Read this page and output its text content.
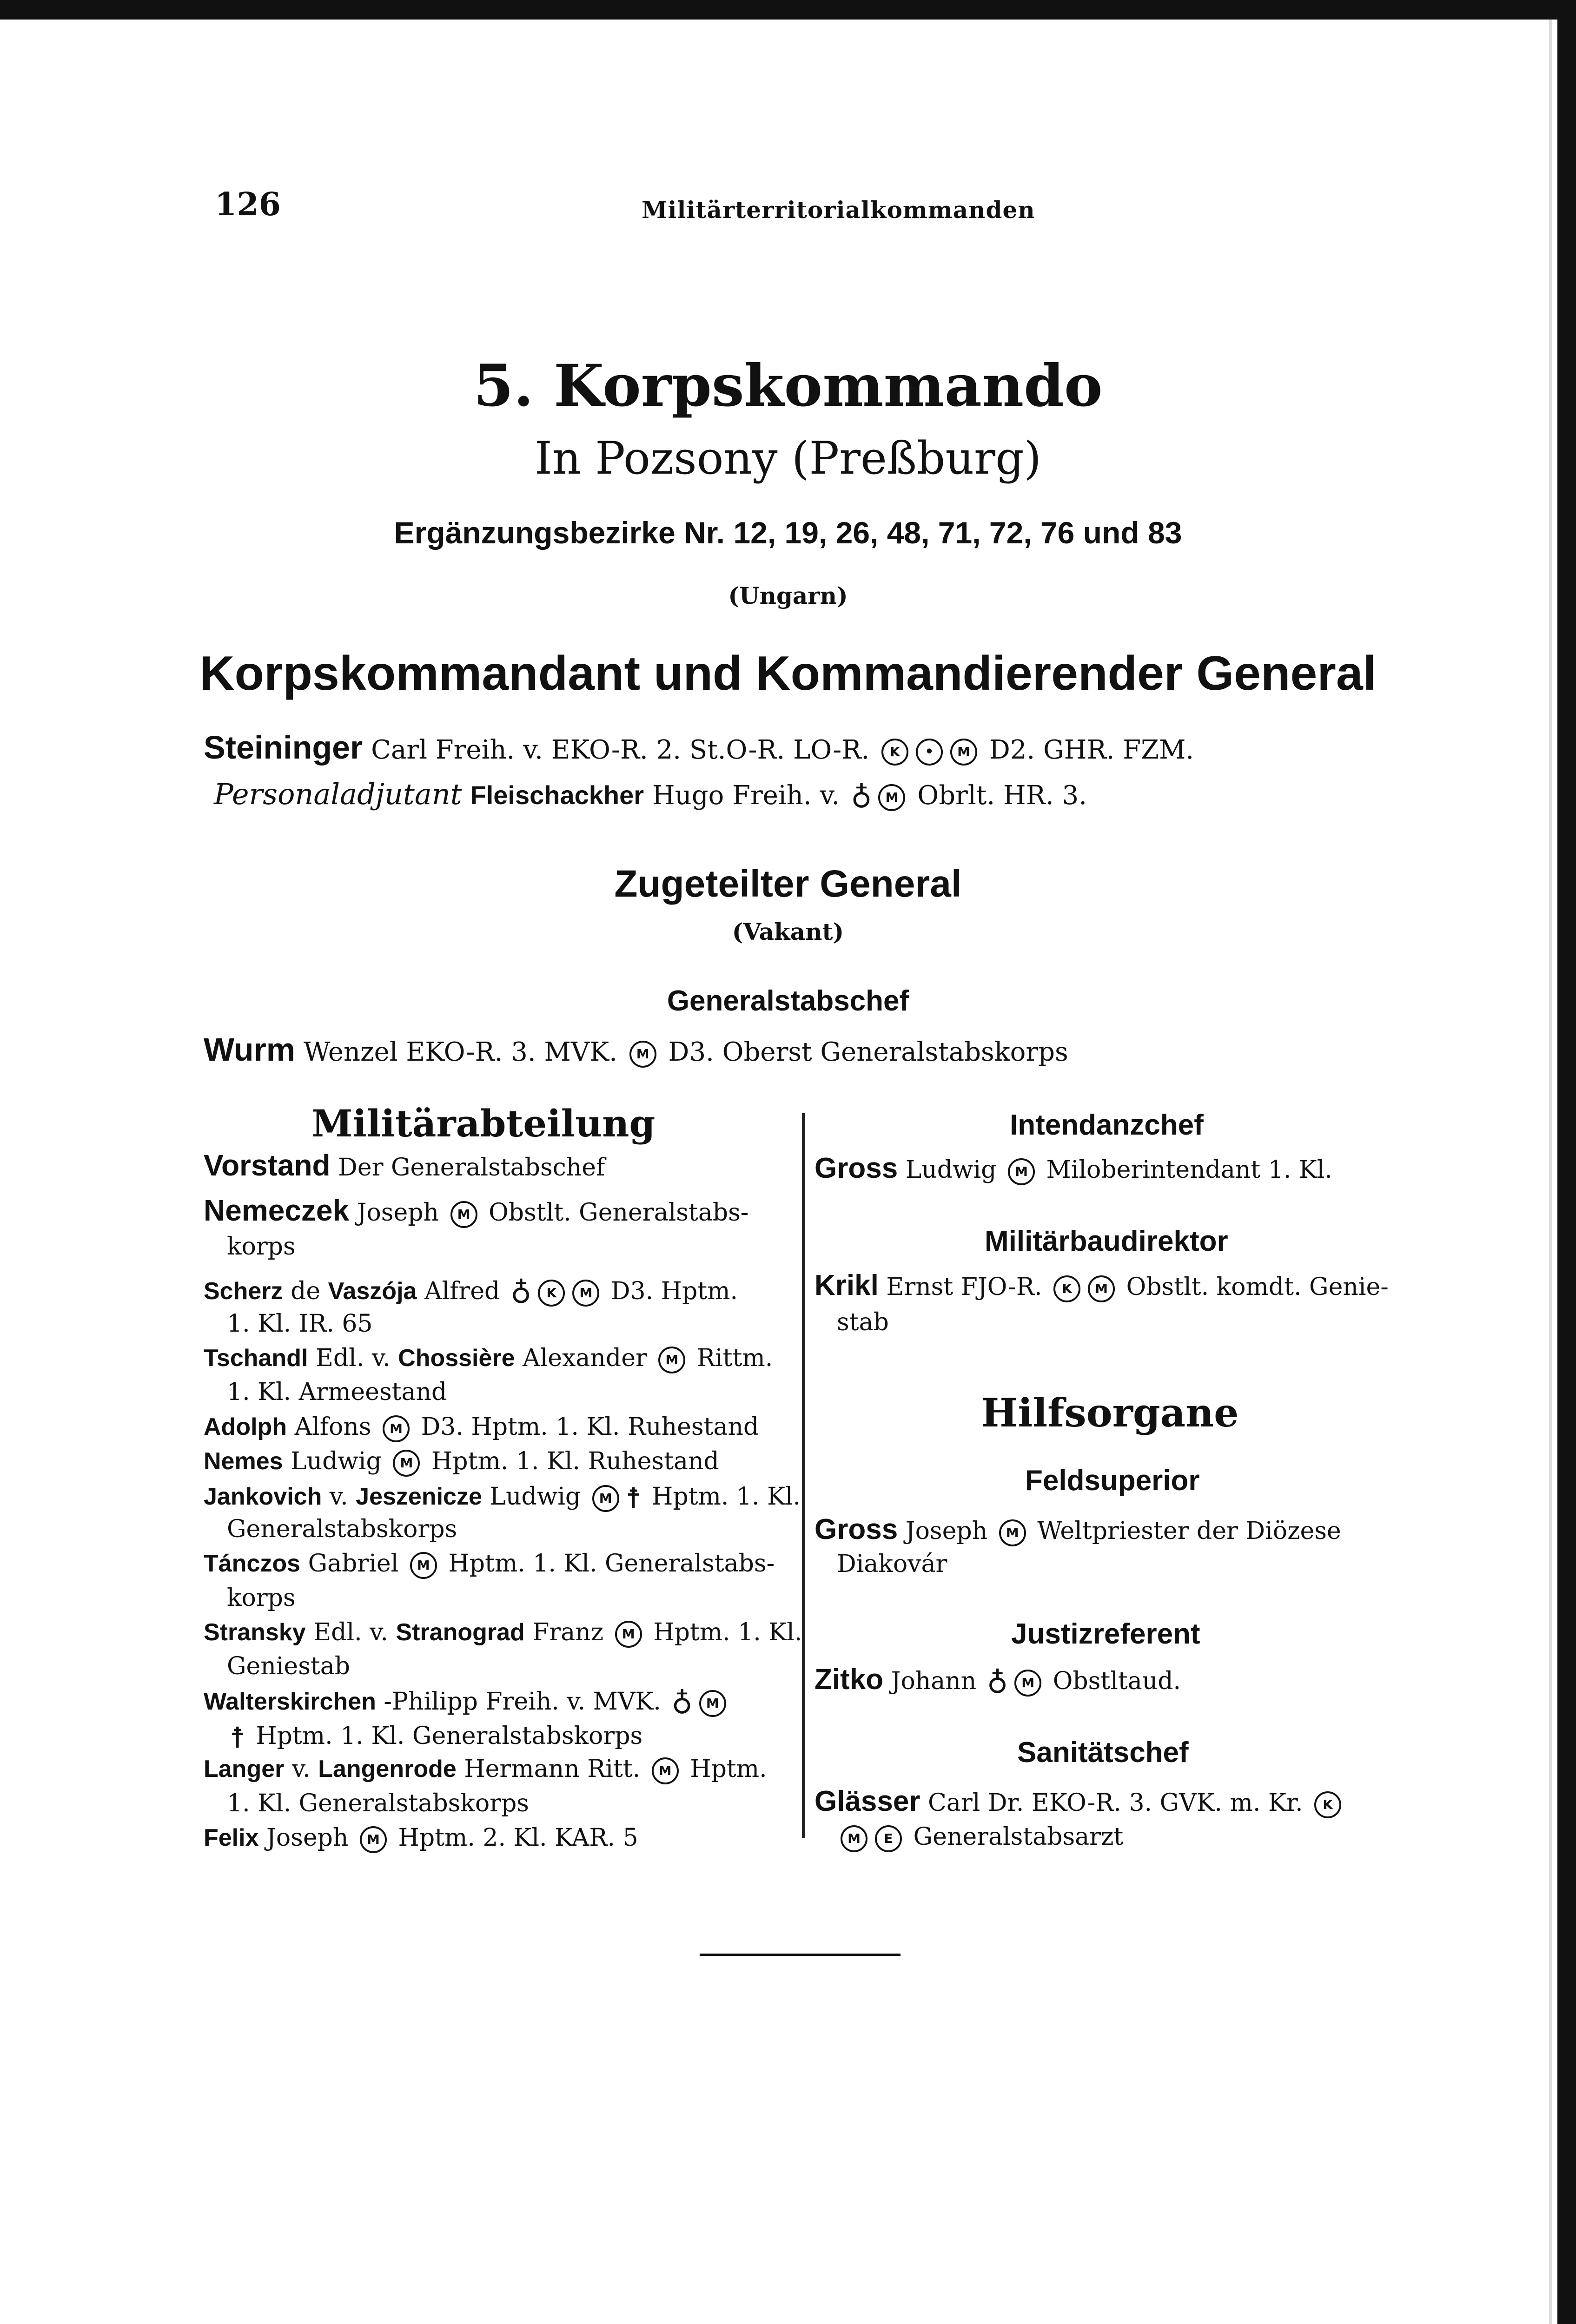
126	Militärterritorialkommanden
5. Korpskommando
In Pozsony (Preßburg)
Ergänzungsbezirke Nr. 12, 19, 26, 48, 71, 72, 76 und 83
(Ungarn)
Korpskommandant und Kommandierender General
Steininger Carl Freih. v. EKO-R. 2. St.O-R. LO-R. K • M D2. GHR. FZM.
Personaladjutant Fleischackher Hugo Freih. v. ♁ M Obrlt. HR. 3.
Zugeteilter General
(Vakant)
Generalstabschef
Wurm Wenzel EKO-R. 3. MVK. M D3. Oberst Generalstabskorps
Militärabteilung
Vorstand Der Generalstabschef
Nemeczek Joseph M Obstlt. Generalstabs-
korps
Scherz de Vaszója Alfred ♁ K M D3. Hptm.
1. Kl. IR. 65
Tschandl Edl. v. Chossière Alexander M Rittm.
1. Kl. Armeestand
Adolph Alfons M D3. Hptm. 1. Kl. Ruhestand
Nemes Ludwig M Hptm. 1. Kl. Ruhestand
Jankovich v. Jeszenicze Ludwig M ☨ Hptm. 1. Kl.
Generalstabskorps
Tánczos Gabriel M Hptm. 1. Kl. Generalstabs-
korps
Stransky Edl. v. Stranograd Franz M Hptm. 1. Kl.
Geniestab
Walterskirchen -Philipp Freih. v. MVK. ♁ M
☨ Hptm. 1. Kl. Generalstabskorps
Langer v. Langenrode Hermann Ritt. M Hptm.
1. Kl. Generalstabskorps
Felix Joseph M Hptm. 2. Kl. KAR. 5
Intendanzchef
Gross Ludwig M Miloberintendant 1. Kl.
Militärbaudirektor
Krikl Ernst FJO-R. K M Obstlt. komdt. Genie-
stab
Hilfsorgane
Feldsuperior
Gross Joseph M Weltpriester der Diözese
Diakovár
Justizreferent
Zitko Johann ♁ M Obstltaud.
Sanitätschef
Glässer Carl Dr. EKO-R. 3. GVK. m. Kr. K
M E Generalstabsarzt
